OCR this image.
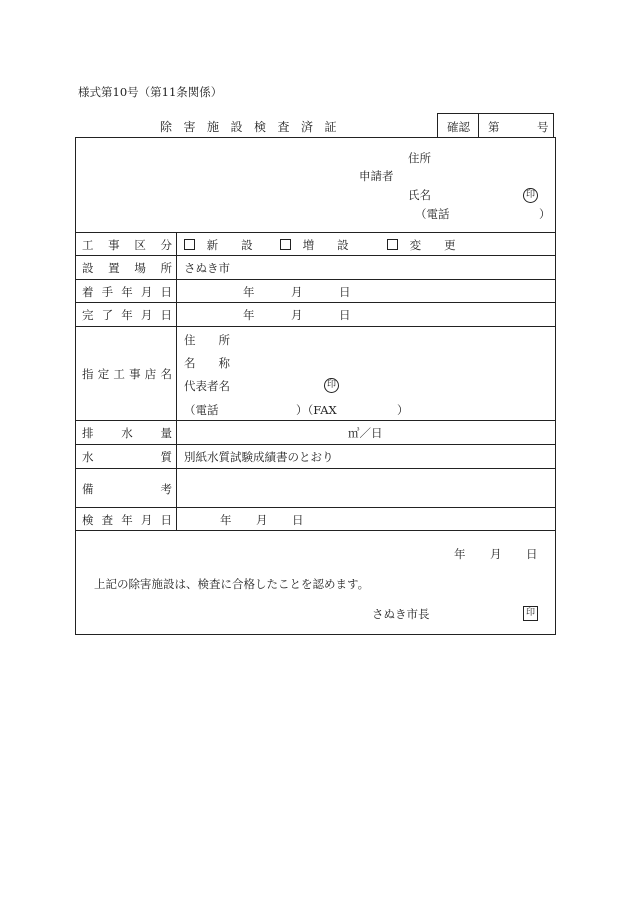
様式第10号（第11条関係）
除害施設検査済証	確認 第	号
住所
申請者
氏名	印
（電話	）
工事区分	新　　設	増　　設	変　　更
設置場所 さぬき市
着手年月日	年	月	日
完了年月日	年	月	日
指定工事店名
住　　所
名　　称
代表者名	印
（電話	）（FAX	）
排　水　量	㎥／日
水　　質 別紙水質試験成績書のとおり
備　　考
検査年月日	年 月 日
年 月 日
上記の除害施設は、検査に合格したことを認めます。
さぬき市長	印
